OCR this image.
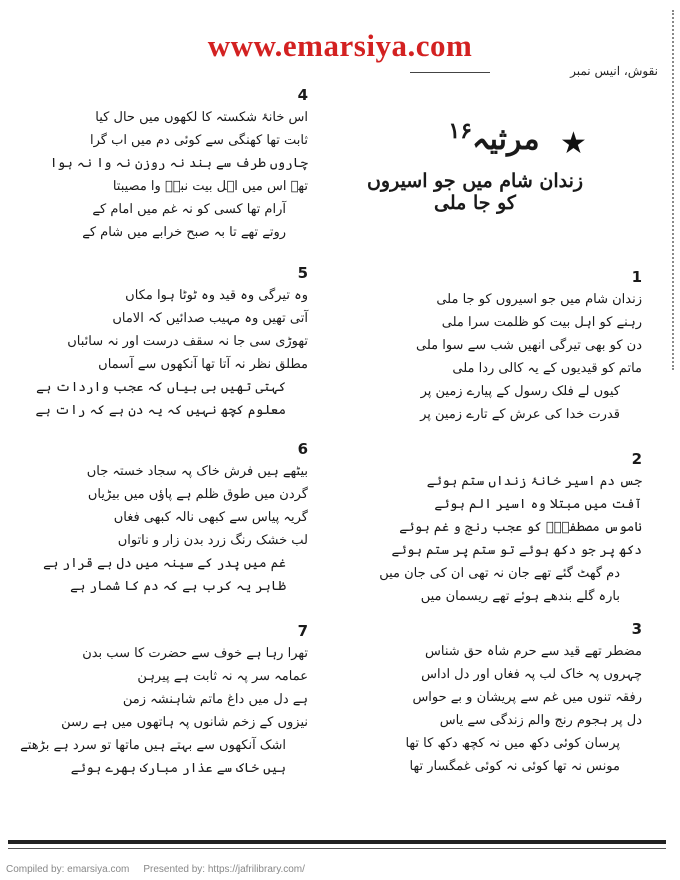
www.emarsiya.com
نقوش، انیس نمبر
★
مرثیہ$^{۱۶}$
زندان شام میں جو اسیروں کو جا ملی
4
اس خانۂ شکستہ کا لکھوں میں حال کیا
ثابت تھا کھنگی سے کوئی دم میں اب گرا
چاروں طرف سے بند نہ روزن نہ وا نہ ہوا
تھے اس میں اہل بیت نبیؐ وا مصیبتا
آرام تھا کسی کو نہ غم میں امام کے
روتے تھے تا بہ صبح خرابے میں شام کے
5
وہ تیرگی وہ قید وہ ٹوٹا ہوا مکاں
آتی تھیں وہ مہیب صدائیں کہ الاماں
تھوڑی سی جا نہ سقف درست اور نہ سائباں
مطلق نظر نہ آتا تھا آنکھوں سے آسماں
کہتی تھیں بی بیاں کہ عجب واردات ہے
معلوم کچھ نہیں کہ یہ دن ہے کہ رات ہے
6
بیٹھے ہیں فرش خاک پہ سجاد خستہ جاں
گردن میں طوق ظلم ہے پاؤں میں بیڑیاں
گریہ پیاس سے کبھی نالہ کبھی فغاں
لب خشک رنگ زرد بدن زار و ناتواں
غم میں پدر کے سینہ میں دل بے قرار ہے
ظاہر یہ کرب ہے کہ دم کا شمار ہے
7
تھرا رہا ہے خوف سے حضرت کا سب بدن
عمامہ سر پہ نہ ثابت ہے پیرہن
ہے دل میں داغ ماتم شاہنشہ زمن
نیزوں کے زخم شانوں پہ ہاتھوں میں ہے رسن
اشک آنکھوں سے بہتے ہیں ماتھا تو سرد ہے بڑھتے
ہیں خاک سے عذار مبارک بھرے ہوئے
1
زندان شام میں جو اسیروں کو جا ملی
رہنے کو اہل بیت کو ظلمت سرا ملی
دن کو بھی تیرگی انھیں شب سے سوا ملی
ماتم کو قیدیوں کے یہ کالی ردا ملی
کیوں لے فلک رسول کے پیارے زمین پر
قدرت خدا کی عرش کے تارے زمین پر
2
جس دم اسیر خانۂ زنداں ستم ہوئے
آفت میں مبتلا وہ اسیر الم ہوئے
ناموس مصطفیٰؐ کو عجب رنج و غم ہوئے
دکھ پر جو دکھ ہوئے تو ستم پر ستم ہوئے
دم گھٹ گئے تھے جان نہ تھی ان کی جان میں
بارہ گلے بندھے ہوئے تھے ریسمان میں
3
مضطر تھے قید سے حرم شاہ حق شناس
چہروں پہ خاک لب پہ فغاں اور دل اداس
رفقہ تنوں میں غم سے پریشان و بے حواس
دل پر ہجوم رنج والم زندگی سے یاس
پرسان کوئی دکھ میں نہ کچھ دکھ کا تھا
مونس نہ تھا کوئی نہ کوئی غمگسار تھا
Compiled by: emarsiya.com Presented by: https://jafrilibrary.com/
